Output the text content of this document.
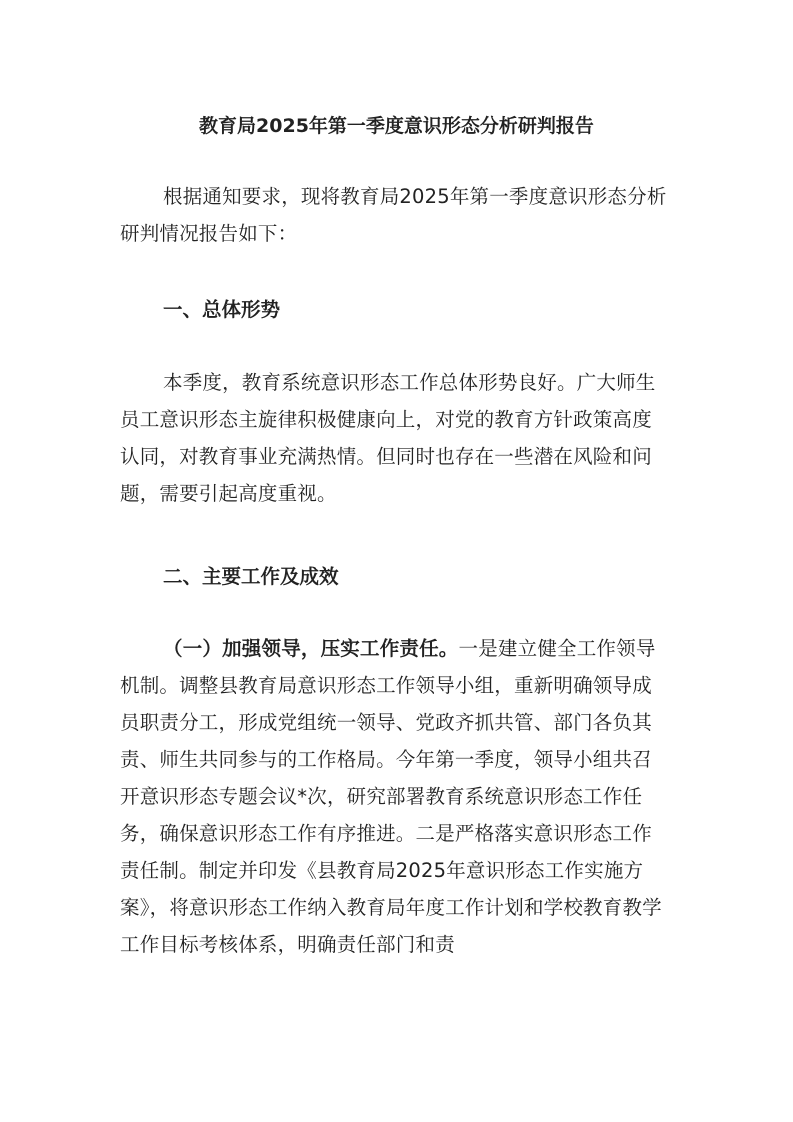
教育局2025年第一季度意识形态分析研判报告

根据通知要求，现将教育局2025年第一季度意识形态分析研判情况报告如下：

一、总体形势

本季度，教育系统意识形态工作总体形势良好。广大师生员工意识形态主旋律积极健康向上，对党的教育方针政策高度认同，对教育事业充满热情。但同时也存在一些潜在风险和问题，需要引起高度重视。

二、主要工作及成效

（一）加强领导，压实工作责任。一是建立健全工作领导机制。调整县教育局意识形态工作领导小组，重新明确领导成员职责分工，形成党组统一领导、党政齐抓共管、部门各负其责、师生共同参与的工作格局。今年第一季度，领导小组共召开意识形态专题会议*次，研究部署教育系统意识形态工作任务，确保意识形态工作有序推进。二是严格落实意识形态工作责任制。制定并印发《县教育局2025年意识形态工作实施方案》，将意识形态工作纳入教育局年度工作计划和学校教育教学工作目标考核体系，明确责任部门和责
